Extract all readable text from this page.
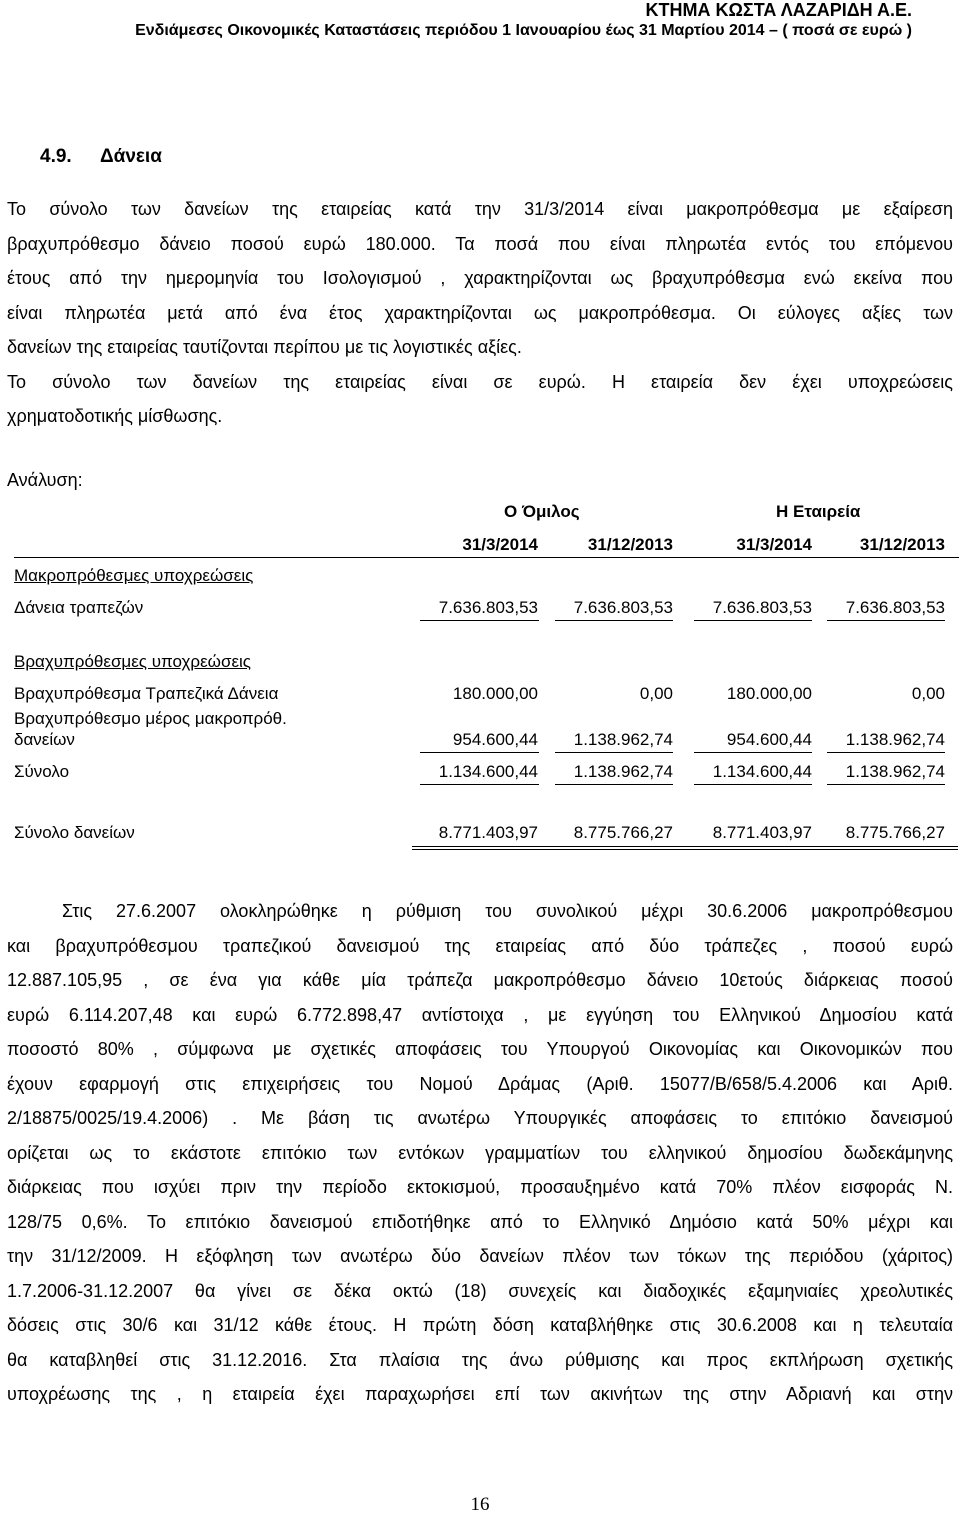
ΚΤΗΜΑ ΚΩΣΤΑ ΛΑΖΑΡΙΔΗ Α.Ε.
Ενδιάμεσες Οικονομικές Καταστάσεις περιόδου 1 Ιανουαρίου έως 31 Μαρτίου 2014 – ( ποσά σε ευρώ )
4.9. Δάνεια
Το σύνολο των δανείων της εταιρείας κατά την 31/3/2014 είναι μακροπρόθεσμα με εξαίρεση
βραχυπρόθεσμο δάνειο ποσού ευρώ 180.000. Τα ποσά που είναι πληρωτέα εντός του επόμενου
έτους από την ημερομηνία του Ισολογισμού , χαρακτηρίζονται ως βραχυπρόθεσμα ενώ εκείνα που
είναι πληρωτέα μετά από ένα έτος χαρακτηρίζονται ως μακροπρόθεσμα. Οι εύλογες αξίες των
δανείων της εταιρείας ταυτίζονται περίπου με τις λογιστικές αξίες.
Το σύνολο των δανείων της εταιρείας είναι σε ευρώ. Η εταιρεία δεν έχει υποχρεώσεις
χρηματοδοτικής μίσθωσης.
Ανάλυση:
Ο Όμιλος	Η Εταιρεία
31/3/2014	31/12/2013	31/3/2014	31/12/2013
Μακροπρόθεσμες υποχρεώσεις
Δάνεια τραπεζών	7.636.803,53 7.636.803,53 7.636.803,53 7.636.803,53
Βραχυπρόθεσμες υποχρεώσεις
Βραχυπρόθεσμα Τραπεζικά Δάνεια	180.000,00	0,00	180.000,00	0,00
Βραχυπρόθεσμο μέρος μακροπρόθ.
δανείων	954.600,44 1.138.962,74	954.600,44 1.138.962,74
Σύνολο	1.134.600,44 1.138.962,74 1.134.600,44 1.138.962,74
Σύνολο δανείων	8.771.403,97 8.775.766,27 8.771.403,97 8.775.766,27
Στις 27.6.2007 ολοκληρώθηκε η ρύθμιση του συνολικού μέχρι 30.6.2006 μακροπρόθεσμου
και βραχυπρόθεσμου τραπεζικού δανεισμού της εταιρείας από δύο τράπεζες , ποσού ευρώ
12.887.105,95 , σε ένα για κάθε μία τράπεζα μακροπρόθεσμο δάνειο 10ετούς διάρκειας ποσού
ευρώ 6.114.207,48 και ευρώ 6.772.898,47 αντίστοιχα , με εγγύηση του Ελληνικού Δημοσίου κατά
ποσοστό 80% , σύμφωνα με σχετικές αποφάσεις του Υπουργού Οικονομίας και Οικονομικών που
έχουν εφαρμογή στις επιχειρήσεις του Νομού Δράμας (Αριθ. 15077/Β/658/5.4.2006 και Αριθ.
2/18875/0025/19.4.2006) . Με βάση τις ανωτέρω Υπουργικές αποφάσεις το επιτόκιο δανεισμού
ορίζεται ως το εκάστοτε επιτόκιο των εντόκων γραμματίων του ελληνικού δημοσίου δωδεκάμηνης
διάρκειας που ισχύει πριν την περίοδο εκτοκισμού, προσαυξημένο κατά 70% πλέον εισφοράς Ν.
128/75 0,6%. Το επιτόκιο δανεισμού επιδοτήθηκε από το Ελληνικό Δημόσιο κατά 50% μέχρι και
την 31/12/2009. Η εξόφληση των ανωτέρω δύο δανείων πλέον των τόκων της περιόδου (χάριτος)
1.7.2006-31.12.2007 θα γίνει σε δέκα οκτώ (18) συνεχείς και διαδοχικές εξαμηνιαίες χρεολυτικές
δόσεις στις 30/6 και 31/12 κάθε έτους. Η πρώτη δόση καταβλήθηκε στις 30.6.2008 και η τελευταία
θα καταβληθεί στις 31.12.2016. Στα πλαίσια της άνω ρύθμισης και προς εκπλήρωση σχετικής
υποχρέωσης της , η εταιρεία έχει παραχωρήσει επί των ακινήτων της στην Αδριανή και στην
16
